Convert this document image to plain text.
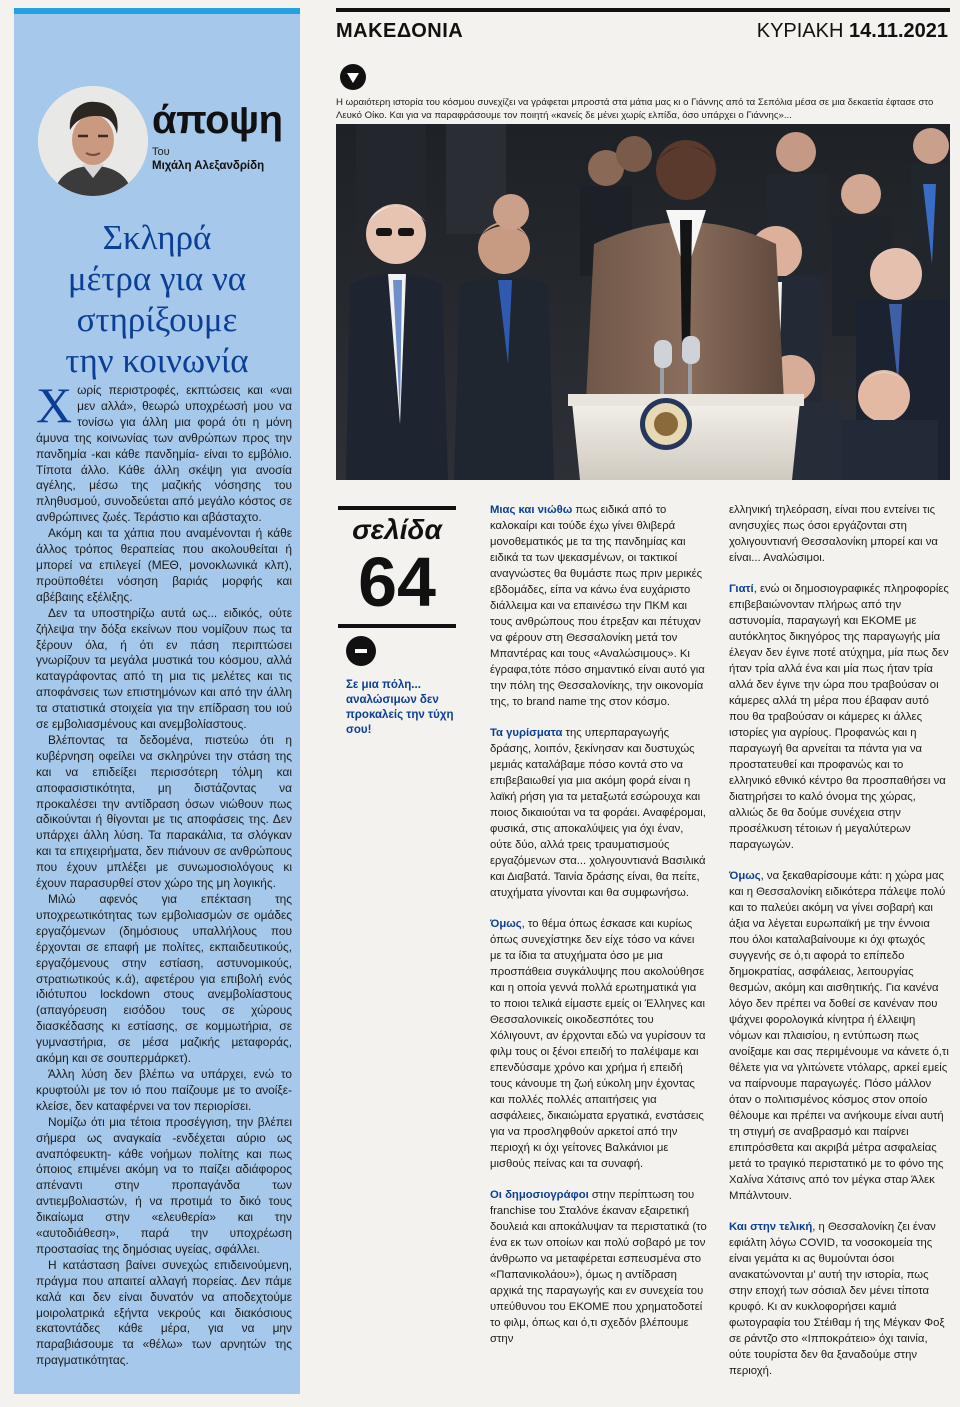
άποψη
Του
Μιχάλη Αλεξανδρίδη
Σκληρά
μέτρα για να
στηρίξουμε
την κοινωνία

Χωρίς περιστροφές, εκπτώσεις και «ναι μεν αλλά», θεωρώ υποχρέωσή μου να τονίσω για άλλη μια φορά ότι η μόνη άμυνα της κοινωνίας των ανθρώπων προς την πανδημία -και κάθε πανδημία- είναι το εμβόλιο. Τίποτα άλλο. Κάθε άλλη σκέψη για ανοσία αγέλης, μέσω της μαζικής νόσησης του πληθυσμού, συνοδεύεται από μεγάλο κόστος σε ανθρώπινες ζωές. Τεράστιο και αβάσταχτο.

Ακόμη και τα χάπια που αναμένονται ή κάθε άλλος τρόπος θεραπείας που ακολουθείται ή μπορεί να επιλεγεί (ΜΕΘ, μονοκλωνικά κλπ), προϋποθέτει νόσηση βαριάς μορφής και αβέβαιης εξέλιξης.

Δεν τα υποστηρίζω αυτά ως... ειδικός, ούτε ζήλεψα την δόξα εκείνων που νομίζουν πως τα ξέρουν όλα, ή ότι εν πάση περιπτώσει γνωρίζουν τα μεγάλα μυστικά του κόσμου, αλλά καταγράφοντας από τη μια τις μελέτες και τις αποφάνσεις των επιστημόνων και από την άλλη τα στατιστικά στοιχεία για την επίδραση του ιού σε εμβολιασμένους και ανεμβολίαστους.

Βλέποντας τα δεδομένα, πιστεύω ότι η κυβέρνηση οφείλει να σκληρύνει την στάση της και να επιδείξει περισσότερη τόλμη και αποφασιστικότητα, μη διστάζοντας να προκαλέσει την αντίδραση όσων νιώθουν πως αδικούνται ή θίγονται με τις αποφάσεις της. Δεν υπάρχει άλλη λύση. Τα παρακάλια, τα σλόγκαν και τα επιχειρήματα, δεν πιάνουν σε ανθρώπους που έχουν μπλέξει με συνωμοσιολόγους κι έχουν παρασυρθεί στον χώρο της μη λογικής.

Μιλώ αφενός για επέκταση της υποχρεωτικότητας των εμβολιασμών σε ομάδες εργαζόμενων (δημόσιους υπαλλήλους που έρχονται σε επαφή με πολίτες, εκπαιδευτικούς, εργαζόμενους στην εστίαση, αστυνομικούς, στρατιωτικούς κ.ά), αφετέρου για επιβολή ενός ιδιότυπου lockdown στους ανεμβολίαστους (απαγόρευση εισόδου τους σε χώρους διασκέδασης κι εστίασης, σε κομμωτήρια, σε γυμναστήρια, σε μέσα μαζικής μεταφοράς, ακόμη και σε σουπερμάρκετ).

Άλλη λύση δεν βλέπω να υπάρχει, ενώ το κρυφτούλι με τον ιό που παίζουμε με το ανοίξε- κλείσε, δεν καταφέρνει να τον περιορίσει.

Νομίζω ότι μια τέτοια προσέγγιση, την βλέπει σήμερα ως αναγκαία -ενδέχεται αύριο ως αναπόφευκτη- κάθε νοήμων πολίτης και πως όποιος επιμένει ακόμη να το παίζει αδιάφορος απέναντι στην προπαγάνδα των αντιεμβολιαστών, ή να προτιμά το δικό τους δικαίωμα στην «ελευθερία» και την «αυτοδιάθεση», παρά την υποχρέωση προστασίας της δημόσιας υγείας, σφάλλει.

Η κατάσταση βαίνει συνεχώς επιδεινούμενη, πράγμα που απαιτεί αλλαγή πορείας. Δεν πάμε καλά και δεν είναι δυνατόν να αποδεχτούμε μοιρολατρικά εξήντα νεκρούς και διακόσιους εκατοντάδες κάθε μέρα, για να μην παραβιάσουμε τα «θέλω» των αρνητών της πραγματικότητας.

ΜΑΚΕΔΟΝΙΑ	ΚΥΡΙΑΚΗ 14.11.2021
Η ωραιότερη ιστορία του κόσμου συνεχίζει να γράφεται μπροστά στα μάτια μας κι ο Γιάννης από τα Σεπόλια μέσα σε μια δεκαετία έφτασε στο Λευκό Οίκο. Και για να παραφράσουμε τον ποιητή «κανείς δε μένει χωρίς ελπίδα, όσο υπάρχει ο Γιάννης»...
σελίδα
64
Σε μια πόλη... αναλώσιμων δεν προκαλείς την τύχη σου!

Μιας και νιώθω πως ειδικά από το καλοκαίρι και τούδε έχω γίνει θλιβερά μονοθεματικός με τα της πανδημίας και ειδικά τα των ψεκασμένων, οι τακτικοί αναγνώστες θα θυμάστε πως πριν μερικές εβδομάδες, είπα να κάνω ένα ευχάριστο διάλλειμα και να επαινέσω την ΠΚΜ και τους ανθρώπους που έτρεξαν και πέτυχαν να φέρουν στη Θεσσαλονίκη μετά τον Μπαντέρας και τους «Αναλώσιμους». Κι έγραφα,τότε πόσο σημαντικό είναι αυτό για την πόλη της Θεσσαλονίκης, την οικονομία της, το brand name της στον κόσμο.

Τα γυρίσματα της υπερπαραγωγής δράσης, λοιπόν, ξεκίνησαν και δυστυχώς μεμιάς καταλάβαμε πόσο κοντά στο να επιβεβαιωθεί για μια ακόμη φορά είναι η λαϊκή ρήση για τα μεταξωτά εσώρουχα και ποιος δικαιούται να τα φοράει. Αναφέρομαι, φυσικά, στις αποκαλύψεις για όχι έναν, ούτε δύο, αλλά τρεις τραυματισμούς εργαζόμενων στα... χολιγουντιανά Βασιλικά και Διαβατά. Ταινία δράσης είναι, θα πείτε, ατυχήματα γίνονται και θα συμφωνήσω.

Όμως, το θέμα όπως έσκασε και κυρίως όπως συνεχίστηκε δεν είχε τόσο να κάνει με τα ίδια τα ατυχήματα όσο με μια προσπάθεια συγκάλυψης που ακολούθησε και η οποία γεννά πολλά ερωτηματικά για το ποιοι τελικά είμαστε εμείς οι Έλληνες και Θεσσαλονικείς οικοδεσπότες του Χόλιγουντ, αν έρχονται εδώ να γυρίσουν τα φιλμ τους οι ξένοι επειδή το παλέψαμε και επενδύσαμε χρόνο και χρήμα ή επειδή τους κάνουμε τη ζωή εύκολη μην έχοντας και πολλές πολλές απαιτήσεις για ασφάλειες, δικαιώματα εργατικά, ενστάσεις για να προσληφθούν αρκετοί από την περιοχή κι όχι γείτονες Βαλκάνιοι με μισθούς πείνας και τα συναφή.

Οι δημοσιογράφοι στην περίπτωση του franchise του Σταλόνε έκαναν εξαιρετική δουλειά και αποκάλυψαν τα περιστατικά (το ένα εκ των οποίων και πολύ σοβαρό με τον άνθρωπο να μεταφέρεται εσπευσμένα στο «Παπανικολάου»), όμως η αντίδραση αρχικά της παραγωγής και εν συνεχεία του υπεύθυνου του ΕΚΟΜΕ που χρηματοδοτεί το φιλμ, όπως και ό,τι σχεδόν βλέπουμε στην

ελληνική τηλεόραση, είναι που εντείνει τις ανησυχίες πως όσοι εργάζονται στη χολιγουντιανή Θεσσαλονίκη μπορεί και να είναι... Αναλώσιμοι.

Γιατί, ενώ οι δημοσιογραφικές πληροφορίες επιβεβαιώνονταν πλήρως από την αστυνομία, παραγωγή και ΕΚΟΜΕ με αυτόκλητος δικηγόρος της παραγωγής μία έλεγαν δεν έγινε ποτέ ατύχημα, μία πως δεν ήταν τρία αλλά ένα και μία πως ήταν τρία αλλά δεν έγινε την ώρα που τραβούσαν οι κάμερες αλλά τη μέρα που έβαφαν αυτό που θα τραβούσαν οι κάμερες κι άλλες ιστορίες για αγρίους. Προφανώς και η παραγωγή θα αρνείται τα πάντα για να προστατευθεί και προφανώς και το ελληνικό εθνικό κέντρο θα προσπαθήσει να διατηρήσει το καλό όνομα της χώρας, αλλιώς δε θα δούμε συνέχεια στην προσέλκυση τέτοιων ή μεγαλύτερων παραγωγών.

Όμως, να ξεκαθαρίσουμε κάτι: η χώρα μας και η Θεσσαλονίκη ειδικότερα πάλεψε πολύ και το παλεύει ακόμη να γίνει σοβαρή και άξια να λέγεται ευρωπαϊκή με την έννοια που όλοι καταλαβαίνουμε κι όχι φτωχός συγγενής σε ό,τι αφορά το επίπεδο δημοκρατίας, ασφάλειας, λειτουργίας θεσμών, ακόμη και αισθητικής. Για κανένα λόγο δεν πρέπει να δοθεί σε κανέναν που ψάχνει φορολογικά κίνητρα ή έλλειψη νόμων και πλαισίου, η εντύπωση πως ανοίξαμε και σας περιμένουμε να κάνετε ό,τι θέλετε για να γλιτώνετε ντόλαρς, αρκεί εμείς να παίρνουμε παραγωγές. Πόσο μάλλον όταν ο πολιτισμένος κόσμος στον οποίο θέλουμε και πρέπει να ανήκουμε είναι αυτή τη στιγμή σε αναβρασμό και παίρνει επιπρόσθετα και ακριβά μέτρα ασφαλείας μετά το τραγικό περιστατικό με το φόνο της Χαλίνα Χάτσινς από τον μέγκα σταρ Άλεκ Μπάλντουιν.

Και στην τελική, η Θεσσαλονίκη ζει έναν εφιάλτη λόγω COVID, τα νοσοκομεία της είναι γεμάτα κι ας θυμούνται όσοι ανακατώνονται μ' αυτή την ιστορία, πως στην εποχή των σόσιαλ δεν μένει τίποτα κρυφό. Κι αν κυκλοφορήσει καμιά φωτογραφία του Στέιθαμ ή της Μέγκαν Φοξ σε ράντζο στο «Ιπποκράτειο» όχι ταινία, ούτε τουρίστα δεν θα ξαναδούμε στην περιοχή.
